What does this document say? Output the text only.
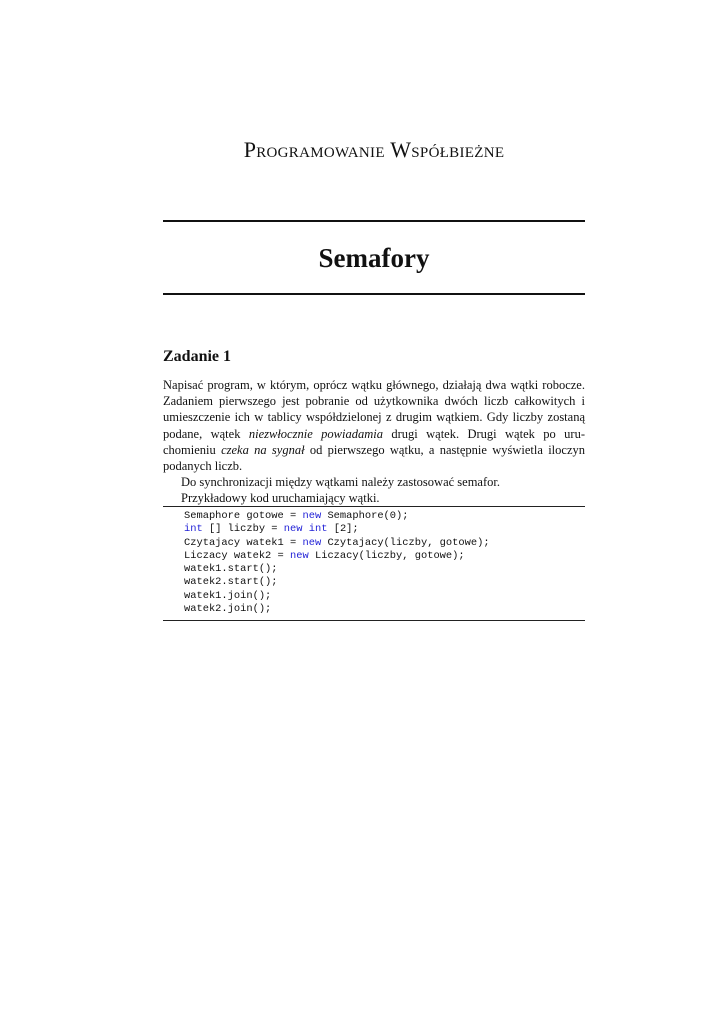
Programowanie Współbieżne
Semafory
Zadanie 1

Napisać program, w którym, oprócz wątku głównego, działają dwa wątki robocze. Zadaniem pierwszego jest pobranie od użytkownika dwóch liczb całkowitych i umieszczenie ich w tablicy współdzielonej z drugim wątkiem. Gdy liczby zostaną podane, wątek niezwłocznie powiadamia drugi wątek. Drugi wątek po uruchomieniu czeka na sygnał od pierwszego wątku, a następnie wyświetla iloczyn podanych liczb.

Do synchronizacji między wątkami należy zastosować semafor.

Przykładowy kod uruchamiający wątki.

Semaphore gotowe = new Semaphore(0);
int [] liczby = new int [2];
Czytajacy watek1 = new Czytajacy(liczby, gotowe);
Liczacy watek2 = new Liczacy(liczby, gotowe);
watek1.start();
watek2.start();
watek1.join();
watek2.join();
